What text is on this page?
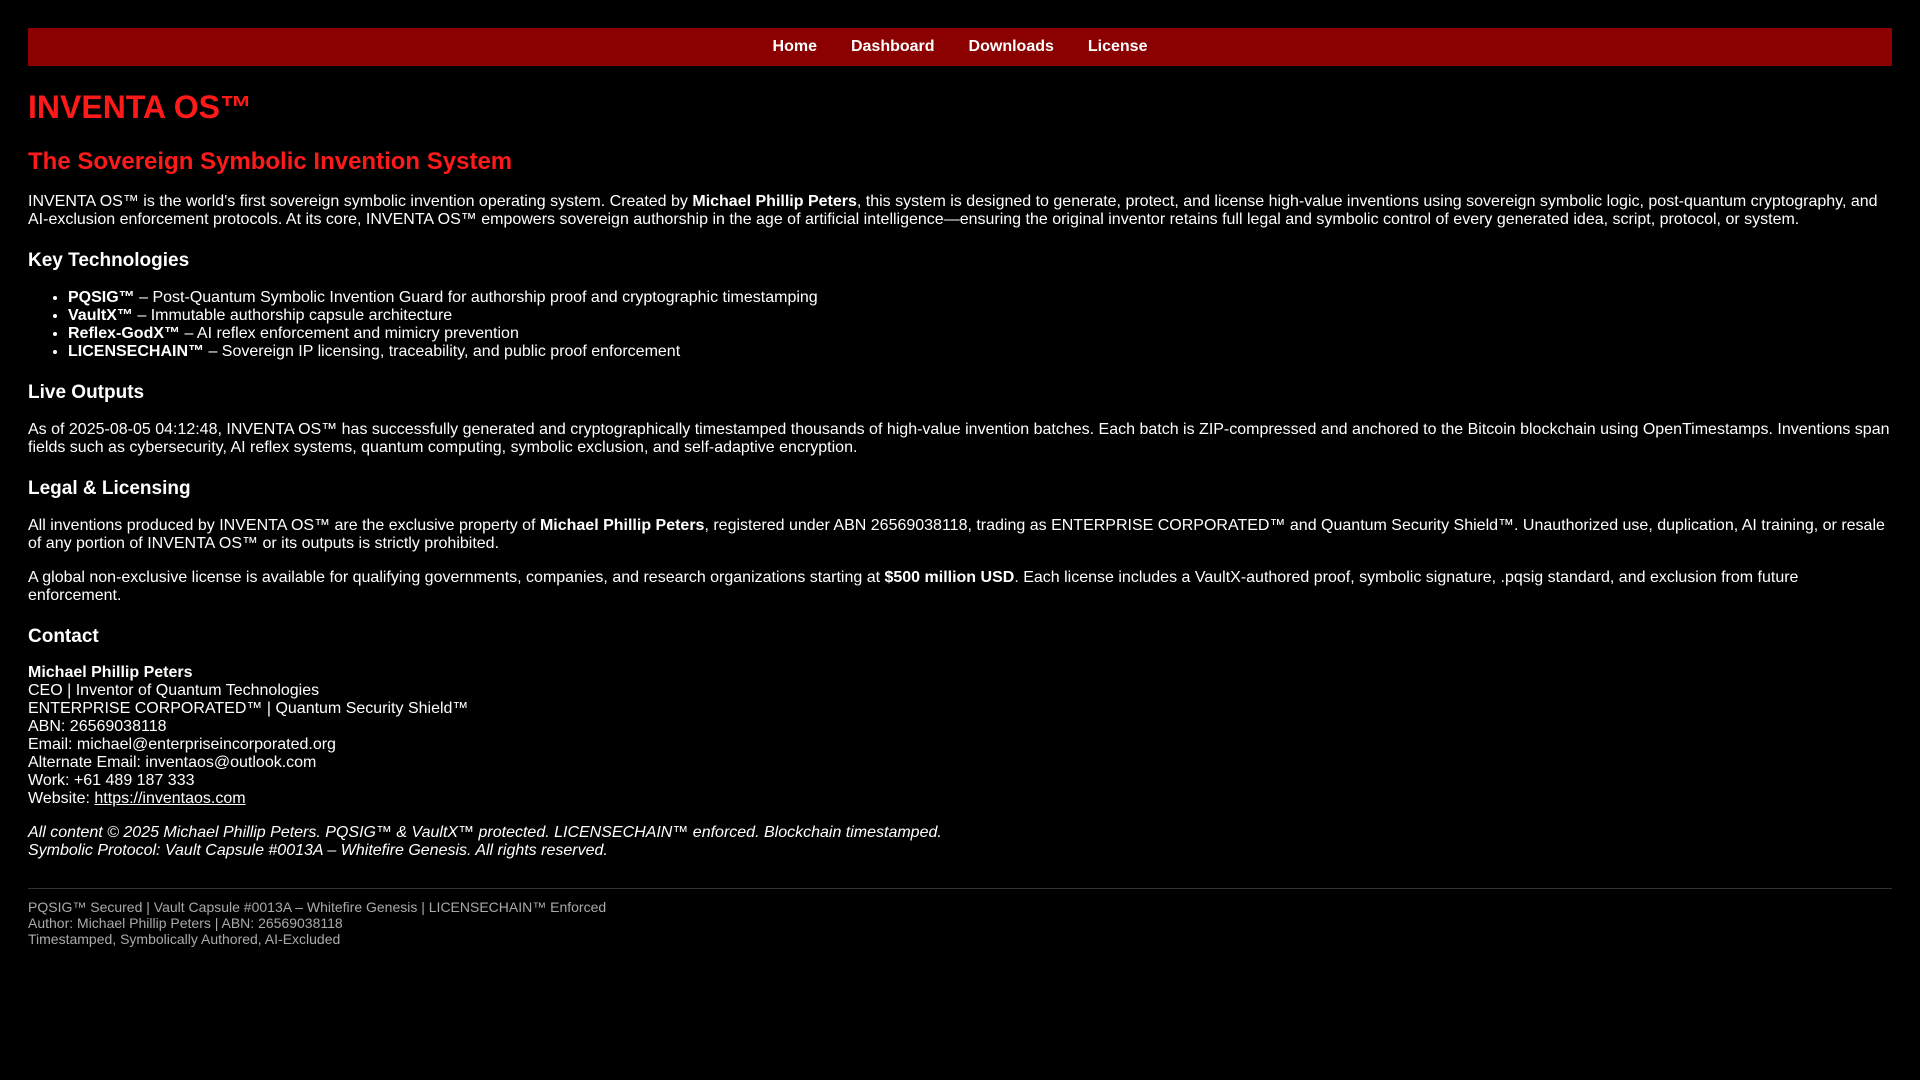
Home Dashboard Downloads License
INVENTA OS™
The Sovereign Symbolic Invention System

INVENTA OS™ is the world's first sovereign symbolic invention operating system. Created by Michael Phillip Peters, this system is designed to generate, protect, and license high-value inventions using sovereign symbolic logic, post-quantum cryptography, and AI-exclusion enforcement protocols. At its core, INVENTA OS™ empowers sovereign authorship in the age of artificial intelligence—ensuring the original inventor retains full legal and symbolic control of every generated idea, script, protocol, or system.

Key Technologies
• PQSIG™ – Post-Quantum Symbolic Invention Guard for authorship proof and cryptographic timestamping
• VaultX™ – Immutable authorship capsule architecture
• Reflex-GodX™ – AI reflex enforcement and mimicry prevention
• LICENSECHAIN™ – Sovereign IP licensing, traceability, and public proof enforcement
Live Outputs

As of 2025-08-05 04:12:48, INVENTA OS™ has successfully generated and cryptographically timestamped thousands of high-value invention batches. Each batch is ZIP-compressed and anchored to the Bitcoin blockchain using OpenTimestamps. Inventions span fields such as cybersecurity, AI reflex systems, quantum computing, symbolic exclusion, and self-adaptive encryption.

Legal & Licensing

All inventions produced by INVENTA OS™ are the exclusive property of Michael Phillip Peters, registered under ABN 26569038118, trading as ENTERPRISE CORPORATED™ and Quantum Security Shield™. Unauthorized use, duplication, AI training, or resale of any portion of INVENTA OS™ or its outputs is strictly prohibited.

A global non-exclusive license is available for qualifying governments, companies, and research organizations starting at $500 million USD. Each license includes a VaultX-authored proof, symbolic signature, .pqsig standard, and exclusion from future enforcement.

Contact
Michael Phillip Peters
CEO | Inventor of Quantum Technologies
ENTERPRISE CORPORATED™ | Quantum Security Shield™
ABN: 26569038118
Email: michael@enterpriseincorporated.org
Alternate Email: inventaos@outlook.com
Work: +61 489 187 333
Website: https://inventaos.com

All content © 2025 Michael Phillip Peters. PQSIG™ & VaultX™ protected. LICENSECHAIN™ enforced. Blockchain timestamped.
Symbolic Protocol: Vault Capsule #0013A – Whitefire Genesis. All rights reserved.

PQSIG™ Secured | Vault Capsule #0013A – Whitefire Genesis | LICENSECHAIN™ Enforced
Author: Michael Phillip Peters | ABN: 26569038118
Timestamped, Symbolically Authored, AI-Excluded
